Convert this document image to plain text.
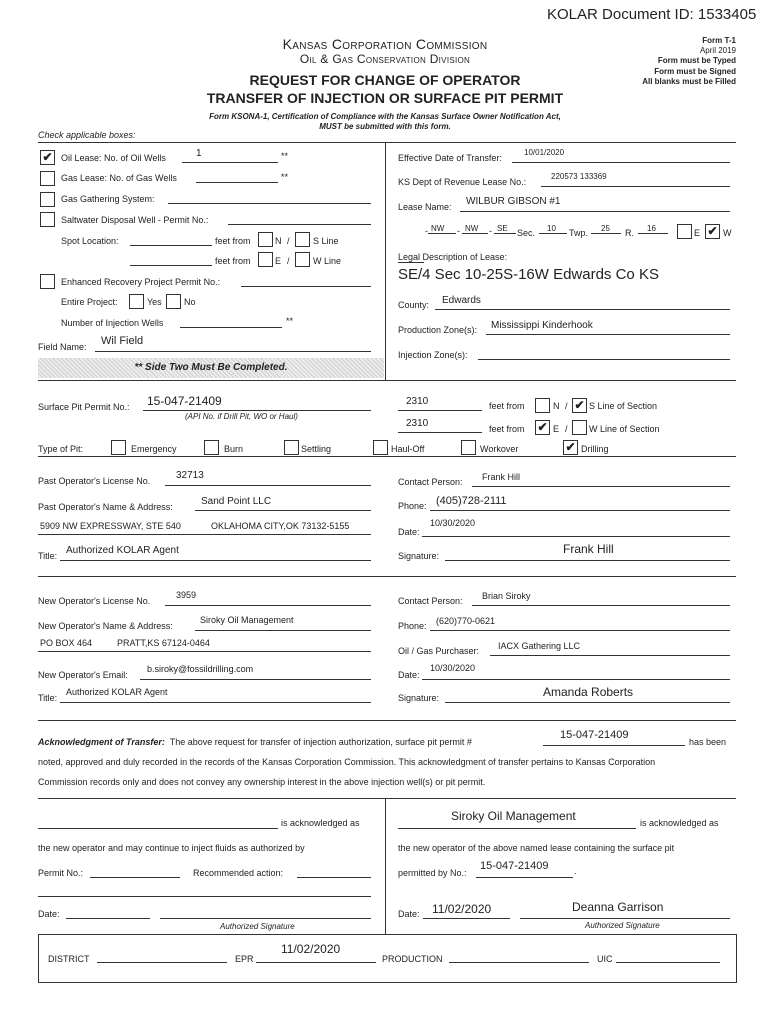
KOLAR Document ID: 1533405
Kansas Corporation Commission
Oil & Gas Conservation Division
REQUEST FOR CHANGE OF OPERATOR
TRANSFER OF INJECTION OR SURFACE PIT PERMIT
Form T-1
April 2019
Form must be Typed
Form must be Signed
All blanks must be Filled
Form KSONA-1, Certification of Compliance with the Kansas Surface Owner Notification Act,
MUST be submitted with this form.
Check applicable boxes:
✔ Oil Lease: No. of Oil Wells	1	**
Gas Lease: No. of Gas Wells	**
Gas Gathering System:
Saltwater Disposal Well - Permit No.:
Spot Location:	feet from	N /	S Line
feet from	E /	W Line
Enhanced Recovery Project Permit No.:
Entire Project:	Yes No
Number of Injection Wells	**
Field Name: Wil Field
** Side Two Must Be Completed.
Effective Date of Transfer:
10/01/2020
KS Dept of Revenue Lease No.:
220573 133369
Lease Name: WILBUR GIBSON #1
NW
-	- NW - SE Sec. 10 Twp. 25 R. 16	E ✔ W
Legal Description of Lease:
SE/4 Sec 10-25S-16W Edwards Co KS
County: Edwards
Production Zone(s): Mississippi Kinderhook
Injection Zone(s):
Surface Pit Permit No.: 15-047-21409
(API No. if Drill Pit, WO or Haul)
2310	feet from	N / ✔ S Line of Section
2310	feet from ✔ E / W Line of Section
Type of Pit:	Emergency	Burn	Settling	Haul-Off	Workover	✔ Drilling
Past Operator's License No.	32713
Past Operator's Name & Address:	Sand Point LLC
5909 NW EXPRESSWAY, STE 540	OKLAHOMA CITY,OK 73132-5155
Title: Authorized KOLAR Agent
Contact Person: Frank Hill
Phone: (405)728-2111
Date:
10/30/2020
Signature:	Frank Hill
New Operator's License No.
3959
New Operator's Name & Address:
Siroky Oil Management
PO BOX 464	PRATT,KS 67124-0464
New Operator's Email:
b.siroky@fossildrilling.com
Title:
Authorized KOLAR Agent
Contact Person: Brian Siroky
Phone: (620)770-0621
Oil / Gas Purchaser: IACX Gathering LLC
Date:
10/30/2020
Signature:	Amanda Roberts
Acknowledgment of Transfer: The above request for transfer of injection authorization, surface pit permit #
15-047-21409
has been
noted, approved and duly recorded in the records of the Kansas Corporation Commission. This acknowledgment of transfer pertains to Kansas Corporation
Commission records only and does not convey any ownership interest in the above injection well(s) or pit permit.
is acknowledged as
the new operator and may continue to inject fluids as authorized by
Permit No.:	Recommended action:
Date:
Authorized Signature
Siroky Oil Management	is acknowledged as
the new operator of the above named lease containing the surface pit
permitted by No.:
15-047-21409	.
Date: 11/02/2020	Deanna Garrison
Authorized Signature
DISTRICT	EPR
11/02/2020
PRODUCTION	UIC
